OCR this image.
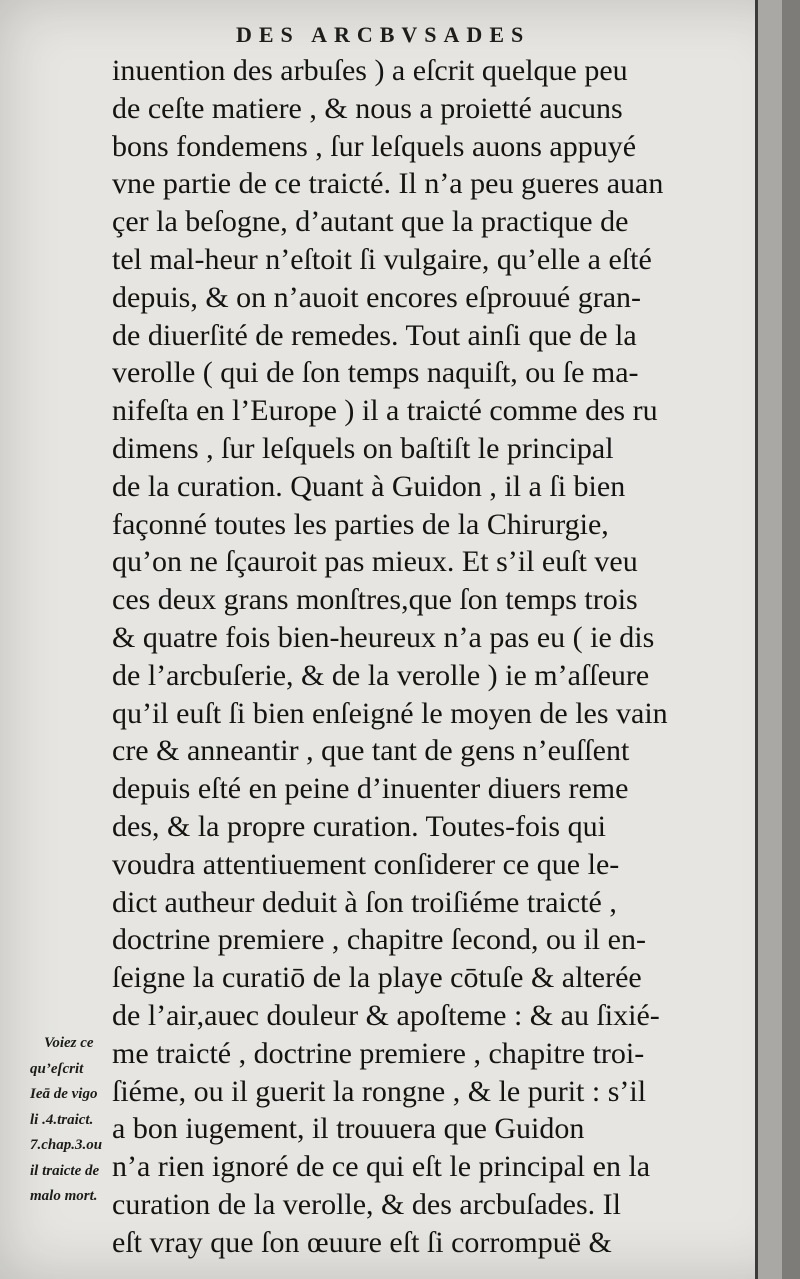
DES ARCBVSADES
inuention des arbuſes ) a eſcrit quelque peu
de ceſte matiere , & nous a proietté aucuns
bons fondemens , ſur leſquels auons appuyé
vne partie de ce traicté. Il n’a peu gueres auan
çer la beſogne, d’autant que la practique de
tel mal-heur n’eſtoit ſi vulgaire, qu’elle a eſté
depuis, & on n’auoit encores eſprouué gran-
de diuerſité de remedes. Tout ainſi que de la
verolle ( qui de ſon temps naquiſt, ou ſe ma-
nifeſta en l’Europe ) il a traicté comme des ru
dimens , ſur leſquels on baſtiſt le principal
de la curation. Quant à Guidon , il a ſi bien
façonné toutes les parties de la Chirurgie,
qu’on ne ſçauroit pas mieux. Et s’il euſt veu
ces deux grans monſtres,que ſon temps trois
& quatre fois bien-heureux n’a pas eu ( ie dis
de l’arcbuſerie, & de la verolle ) ie m’aſſeure
qu’il euſt ſi bien enſeigné le moyen de les vain
cre & anneantir , que tant de gens n’euſſent
depuis eſté en peine d’inuenter diuers reme
des, & la propre curation. Toutes-fois qui
voudra attentiuement conſiderer ce que le-
dict autheur deduit à ſon troiſiéme traicté ,
doctrine premiere , chapitre ſecond, ou il en-
ſeigne la curatiō de la playe cōtuſe & alterée
de l’air,auec douleur & apoſteme : & au ſixié-
me traicté , doctrine premiere , chapitre troi-
ſiéme, ou il guerit la rongne , & le purit : s’il
a bon iugement, il trouuera que Guidon
n’a rien ignoré de ce qui eſt le principal en la
curation de la verolle, & des arcbuſades. Il
eſt vray que ſon œuure eſt ſi corrompuë &
Voiez ce
qu’eſcrit
Ieā de vigo
li .4.traict.
7.chap.3.ou
il traicte de
malo mort.
